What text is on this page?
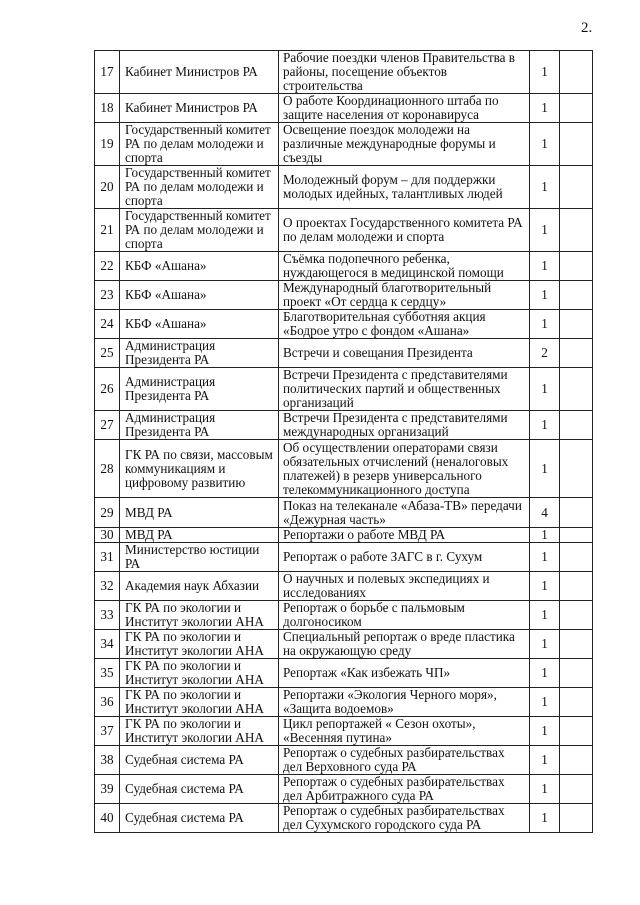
2.
17	Кабинет Министров РА	Рабочие поездки членов Правительства в районы, посещение объектов строительства	1	
18	Кабинет Министров РА	О работе Координационного штаба по защите населения от коронавируса	1	
19	Государственный комитет РА по делам молодежи и спорта	Освещение поездок молодежи на различные международные форумы и съезды	1	
20	Государственный комитет РА по делам молодежи и спорта	Молодежный форум – для поддержки молодых идейных, талантливых людей	1	
21	Государственный комитет РА по делам молодежи и спорта	О проектах Государственного комитета РА по делам молодежи и спорта	1	
22	КБФ «Ашана»	Съёмка подопечного ребенка, нуждающегося в медицинской помощи	1	
23	КБФ «Ашана»	Международный благотворительный проект «От сердца к сердцу»	1	
24	КБФ «Ашана»	Благотворительная субботняя акция «Бодрое утро с фондом «Ашана»	1	
25	Администрация Президента РА	Встречи и совещания Президента	2	
26	Администрация Президента РА	Встречи Президента с представителями политических партий и общественных организаций	1	
27	Администрация Президента РА	Встречи Президента с представителями международных организаций	1	
28	ГК РА по связи, массовым коммуникациям и цифровому развитию	Об осуществлении операторами связи обязательных отчислений (неналоговых платежей) в резерв универсального телекоммуникационного доступа	1	
29	МВД РА	Показ на телеканале «Абаза-ТВ» передачи «Дежурная часть»	4	
30	МВД РА	Репортажи о работе МВД РА	1	
31	Министерство юстиции РА	Репортаж о работе ЗАГС в г. Сухум	1	
32	Академия наук Абхазии	О научных и полевых экспедициях и исследованиях	1	
33	ГК РА по экологии и Институт экологии АНА	Репортаж о борьбе с пальмовым долгоносиком	1	
34	ГК РА по экологии и Институт экологии АНА	Специальный репортаж о вреде пластика на окружающую среду	1	
35	ГК РА по экологии и Институт экологии АНА	Репортаж «Как избежать ЧП»	1	
36	ГК РА по экологии и Институт экологии АНА	Репортажи «Экология Черного моря», «Защита водоемов»	1	
37	ГК РА по экологии и Институт экологии АНА	Цикл репортажей « Сезон охоты», «Весенняя путина»	1	
38	Судебная система РА	Репортаж о судебных разбирательствах дел Верховного суда РА	1	
39	Судебная система РА	Репортаж о судебных разбирательствах дел Арбитражного суда РА	1	
40	Судебная система РА	Репортаж о судебных разбирательствах дел Сухумского городского суда РА	1	
